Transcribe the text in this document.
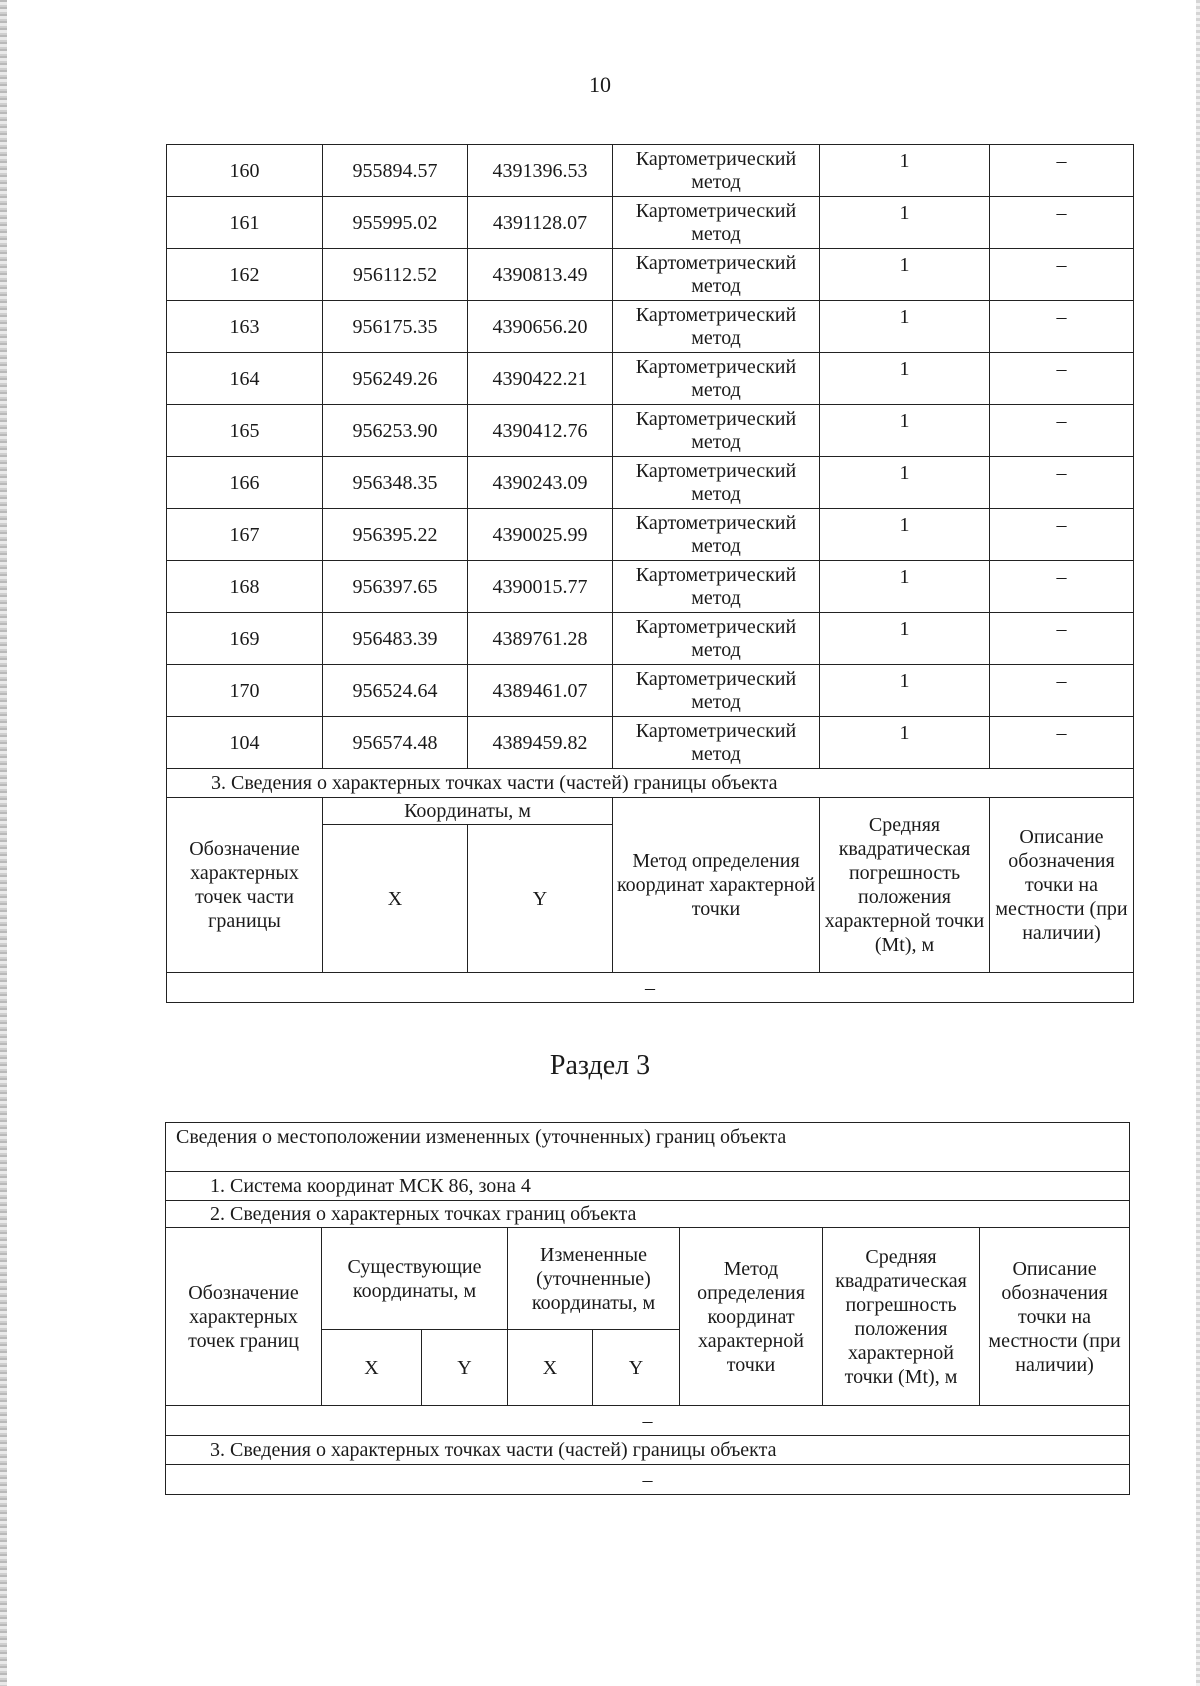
10
160	955894.57	4391396.53	Картометрический метод	1	–
161	955995.02	4391128.07	Картометрический метод	1	–
162	956112.52	4390813.49	Картометрический метод	1	–
163	956175.35	4390656.20	Картометрический метод	1	–
164	956249.26	4390422.21	Картометрический метод	1	–
165	956253.90	4390412.76	Картометрический метод	1	–
166	956348.35	4390243.09	Картометрический метод	1	–
167	956395.22	4390025.99	Картометрический метод	1	–
168	956397.65	4390015.77	Картометрический метод	1	–
169	956483.39	4389761.28	Картометрический метод	1	–
170	956524.64	4389461.07	Картометрический метод	1	–
104	956574.48	4389459.82	Картометрический метод	1	–
3. Сведения о характерных точках части (частей) границы объекта					
Обозначение характерных точек части границы	Координаты, м		Метод определения координат характерной точки	Средняя квадратическая погрешность положения характерной точки (Mt), м	Описание обозначения точки на местности (при наличии)
	X	Y			
–					
Раздел 3
Сведения о местоположении измененных (уточненных) границ объекта							
1. Система координат МСК 86, зона 4							
2. Сведения о характерных точках границ объекта							
Обозначение характерных точек границ	Существующие координаты, м		Измененные (уточненные) координаты, м		Метод определения координат характерной точки	Средняя квадратическая погрешность положения характерной точки (Mt), м	Описание обозначения точки на местности (при наличии)
	X	Y	X	Y			
–							
3. Сведения о характерных точках части (частей) границы объекта							
–							
